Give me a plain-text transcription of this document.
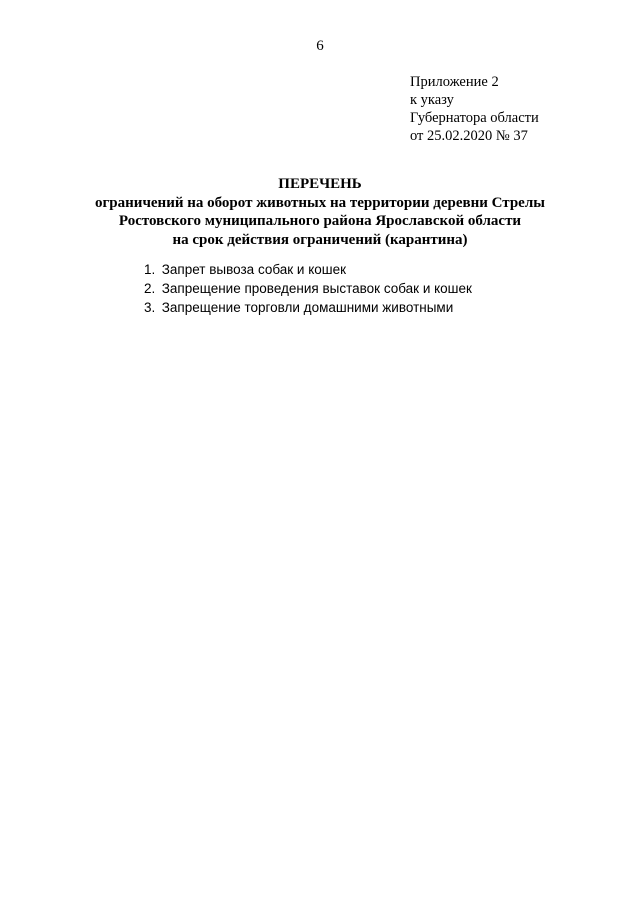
6
Приложение 2
к указу
Губернатора области
от 25.02.2020 № 37
ПЕРЕЧЕНЬ
ограничений на оборот животных на территории деревни Стрелы
Ростовского муниципального района Ярославской области
на срок действия ограничений (карантина)
1. Запрет вывоза собак и кошек
2. Запрещение проведения выставок собак и кошек
3. Запрещение торговли домашними животными
